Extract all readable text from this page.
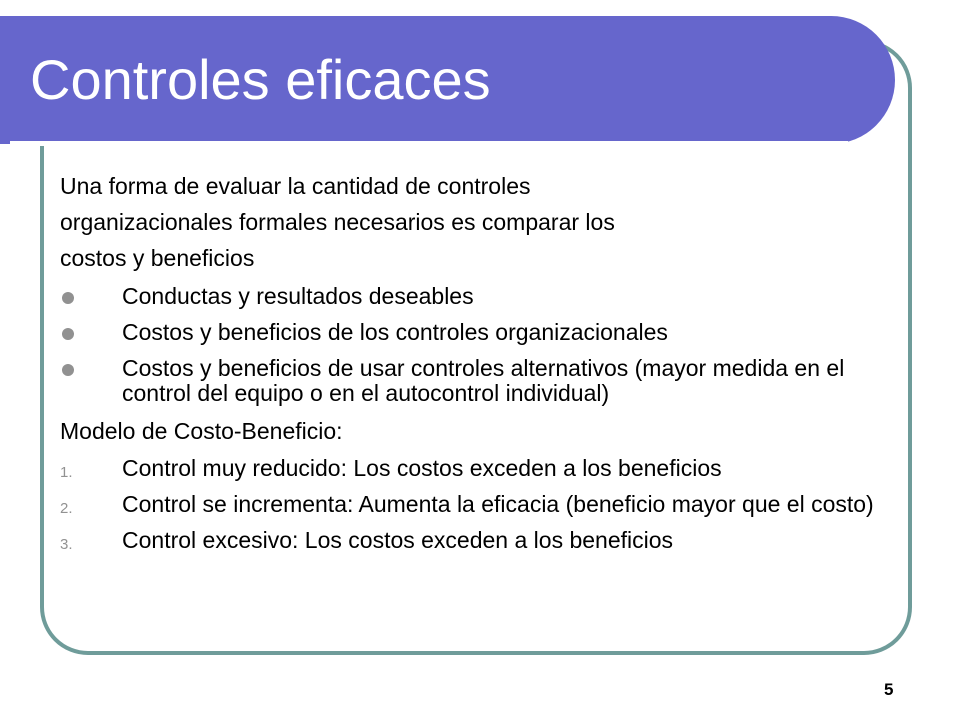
Controles eficaces
Una forma de evaluar la cantidad de controles
organizacionales formales necesarios es comparar los
costos y beneficios
Conductas y resultados deseables
Costos y beneficios de los controles organizacionales
Costos y beneficios de usar controles alternativos (mayor medida en el control del equipo o en el autocontrol individual)
Modelo de Costo-Beneficio:
1. Control muy reducido: Los costos exceden a los beneficios
2. Control se incrementa: Aumenta la eficacia (beneficio mayor que el costo)
3. Control excesivo: Los costos exceden a los beneficios
5
